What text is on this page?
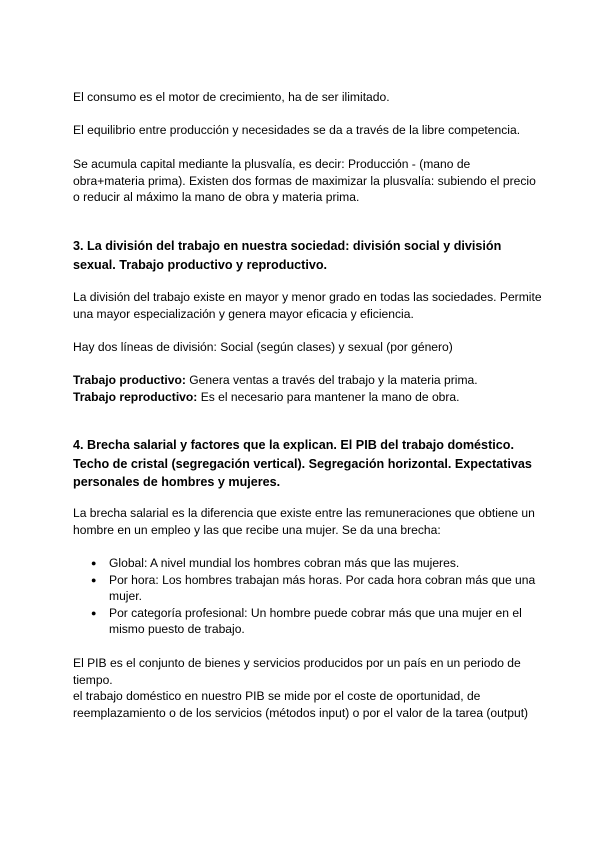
El consumo es el motor de crecimiento, ha de ser ilimitado.

El equilibrio entre producción y necesidades se da a través de la libre competencia.

Se acumula capital mediante la plusvalía, es decir: Producción - (mano de obra+materia prima). Existen dos formas de maximizar la plusvalía: subiendo el precio o reducir al máximo la mano de obra y materia prima.

3. La división del trabajo en nuestra sociedad: división social y división sexual. Trabajo productivo y reproductivo.

La división del trabajo existe en mayor y menor grado en todas las sociedades. Permite una mayor especialización y genera mayor eficacia y eficiencia.

Hay dos líneas de división: Social (según clases) y sexual (por género)

Trabajo productivo: Genera ventas a través del trabajo y la materia prima.
Trabajo reproductivo: Es el necesario para mantener la mano de obra.

4. Brecha salarial y factores que la explican. El PIB del trabajo doméstico. Techo de cristal (segregación vertical). Segregación horizontal. Expectativas personales de hombres y mujeres.

La brecha salarial es la diferencia que existe entre las remuneraciones que obtiene un hombre en un empleo y las que recibe una mujer. Se da una brecha:

● Global: A nivel mundial los hombres cobran más que las mujeres.
● Por hora: Los hombres trabajan más horas. Por cada hora cobran más que una mujer.
● Por categoría profesional: Un hombre puede cobrar más que una mujer en el mismo puesto de trabajo.

El PIB es el conjunto de bienes y servicios producidos por un país en un periodo de tiempo.

el trabajo doméstico en nuestro PIB se mide por el coste de oportunidad, de reemplazamiento o de los servicios (métodos input) o por el valor de la tarea (output)
